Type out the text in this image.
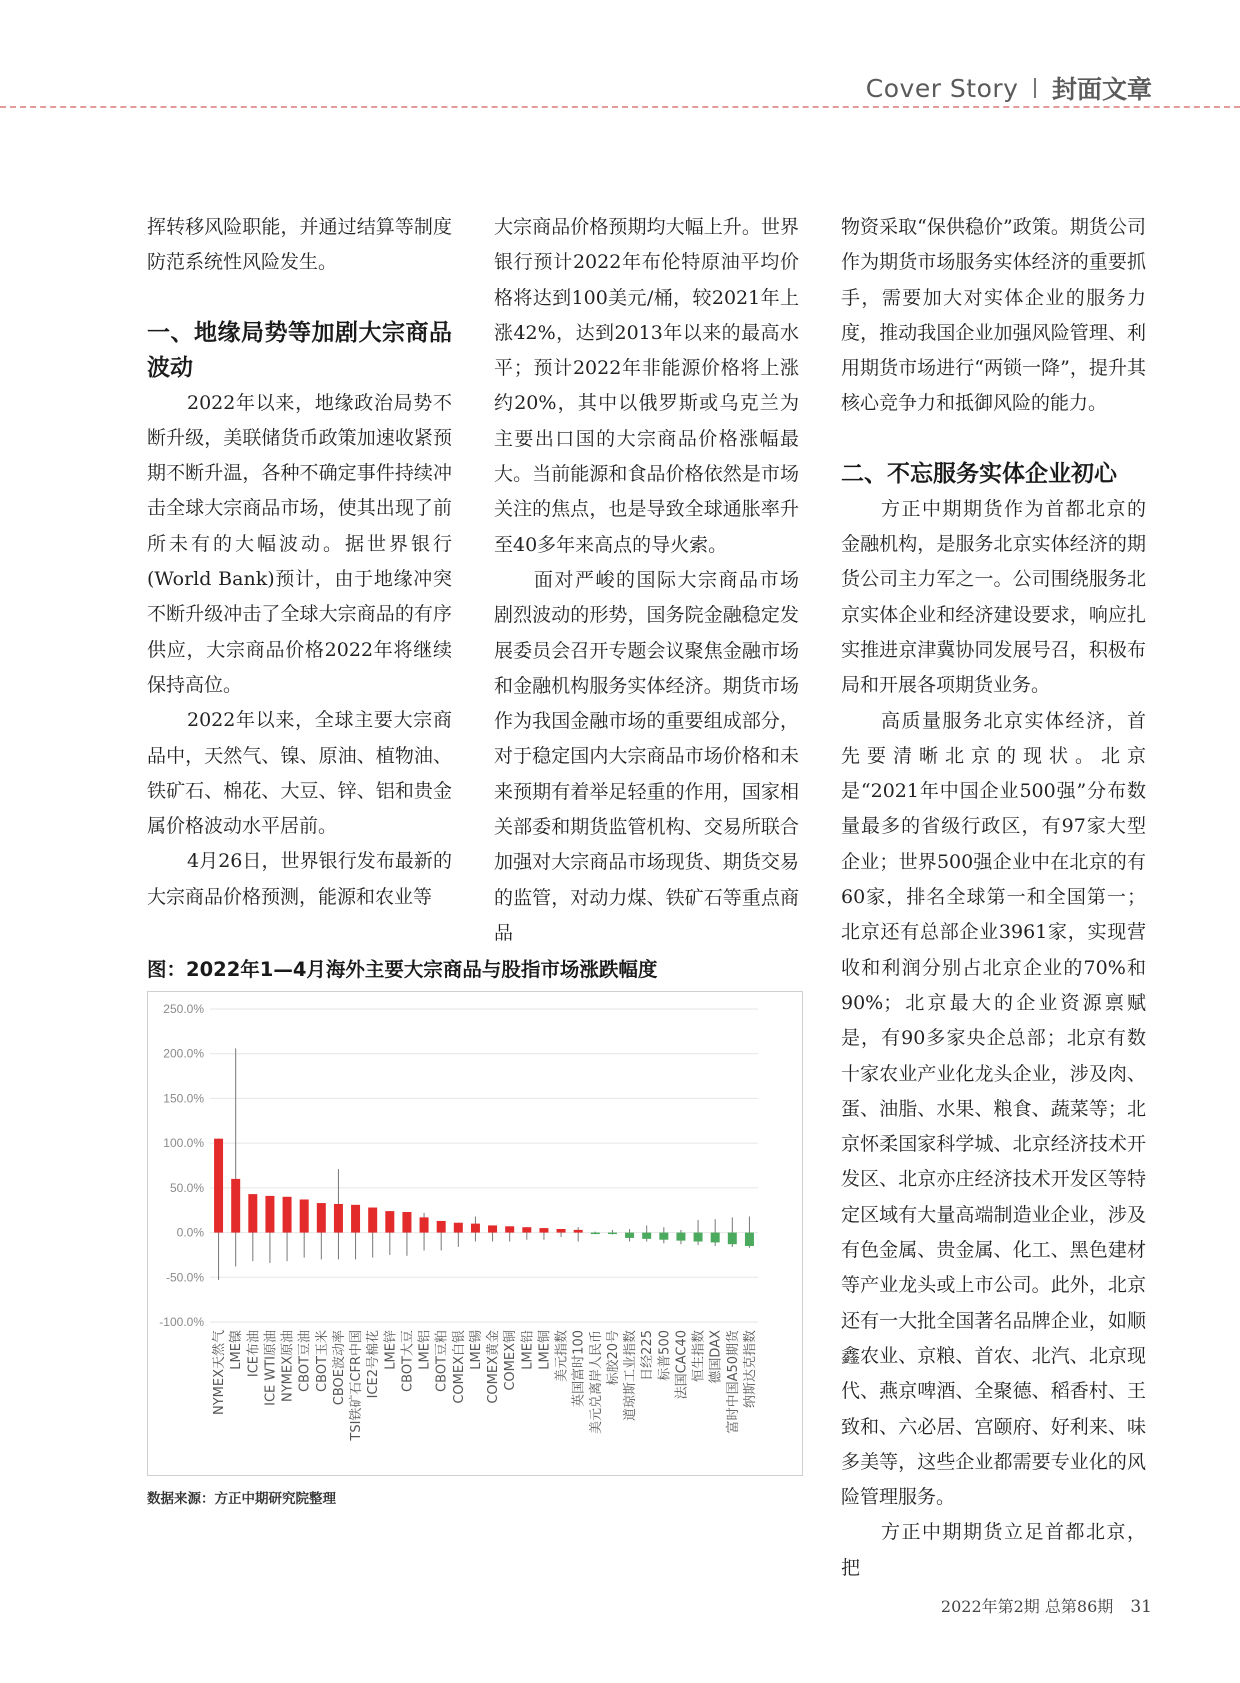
Cover Story 封面文章

挥转移风险职能，并通过结算等制度防范系统性风险发生。

一、地缘局势等加剧大宗商品波动

2022年以来，地缘政治局势不断升级，美联储货币政策加速收紧预期不断升温，各种不确定事件持续冲击全球大宗商品市场，使其出现了前所未有的大幅波动。据世界银行(World Bank)预计，由于地缘冲突不断升级冲击了全球大宗商品的有序供应，大宗商品价格2022年将继续保持高位。

2022年以来，全球主要大宗商品中，天然气、镍、原油、植物油、铁矿石、棉花、大豆、锌、铝和贵金属价格波动水平居前。

4月26日，世界银行发布最新的大宗商品价格预测，能源和农业等

大宗商品价格预期均大幅上升。世界银行预计2022年布伦特原油平均价格将达到100美元/桶，较2021年上涨42%，达到2013年以来的最高水平；预计2022年非能源价格将上涨约20%，其中以俄罗斯或乌克兰为主要出口国的大宗商品价格涨幅最大。当前能源和食品价格依然是市场关注的焦点，也是导致全球通胀率升至40多年来高点的导火索。

面对严峻的国际大宗商品市场剧烈波动的形势，国务院金融稳定发展委员会召开专题会议聚焦金融市场和金融机构服务实体经济。期货市场作为我国金融市场的重要组成部分，对于稳定国内大宗商品市场价格和未来预期有着举足轻重的作用，国家相关部委和期货监管机构、交易所联合加强对大宗商品市场现货、期货交易的监管，对动力煤、铁矿石等重点商品

物资采取“保供稳价”政策。期货公司作为期货市场服务实体经济的重要抓手，需要加大对实体企业的服务力度，推动我国企业加强风险管理、利用期货市场进行“两锁一降”，提升其核心竞争力和抵御风险的能力。

二、不忘服务实体企业初心

方正中期期货作为首都北京的金融机构，是服务北京实体经济的期货公司主力军之一。公司围绕服务北京实体企业和经济建设要求，响应扎实推进京津冀协同发展号召，积极布局和开展各项期货业务。

高质量服务北京实体经济，首先要清晰北京的现状。北京是“2021年中国企业500强”分布数量最多的省级行政区，有97家大型企业；世界500强企业中在北京的有60家，排名全球第一和全国第一；北京还有总部企业3961家，实现营收和利润分别占北京企业的70%和90%；北京最大的企业资源禀赋是，有90多家央企总部；北京有数十家农业产业化龙头企业，涉及肉、蛋、油脂、水果、粮食、蔬菜等；北京怀柔国家科学城、北京经济技术开发区、北京亦庄经济技术开发区等特定区域有大量高端制造业企业，涉及有色金属、贵金属、化工、黑色建材等产业龙头或上市公司。此外，北京还有一大批全国著名品牌企业，如顺鑫农业、京粮、首农、北汽、北京现代、燕京啤酒、全聚德、稻香村、王致和、六必居、宫颐府、好利来、味多美等，这些企业都需要专业化的风险管理服务。

方正中期期货立足首都北京，把

图：2022年1—4月海外主要大宗商品与股指市场涨跌幅度
250.0%
200.0%
150.0%
100.0%
50.0%
0.0%
-50.0%
-100.0%
NYMEX天然气 LME镍 ICE布油 ICE WTI原油 NYMEX原油 CBOT豆油 CBOT玉米 CBOE波动率 TSI铁矿石CFR中国 ICE2号棉花 LME锌 CBOT大豆 LME铝 CBOT豆粕 COMEX白银 LME锡 COMEX黄金 COMEX铜 LME铅 LME铜 美元指数 英国富时100 美元兑离岸人民币 标胶20号 道琼斯工业指数 日经225 标普500 法国CAC40 恒生指数 德国DAX 富时中国A50期货 纳斯达克指数
数据来源：方正中期研究院整理
2022年第2期 总第86期 31
